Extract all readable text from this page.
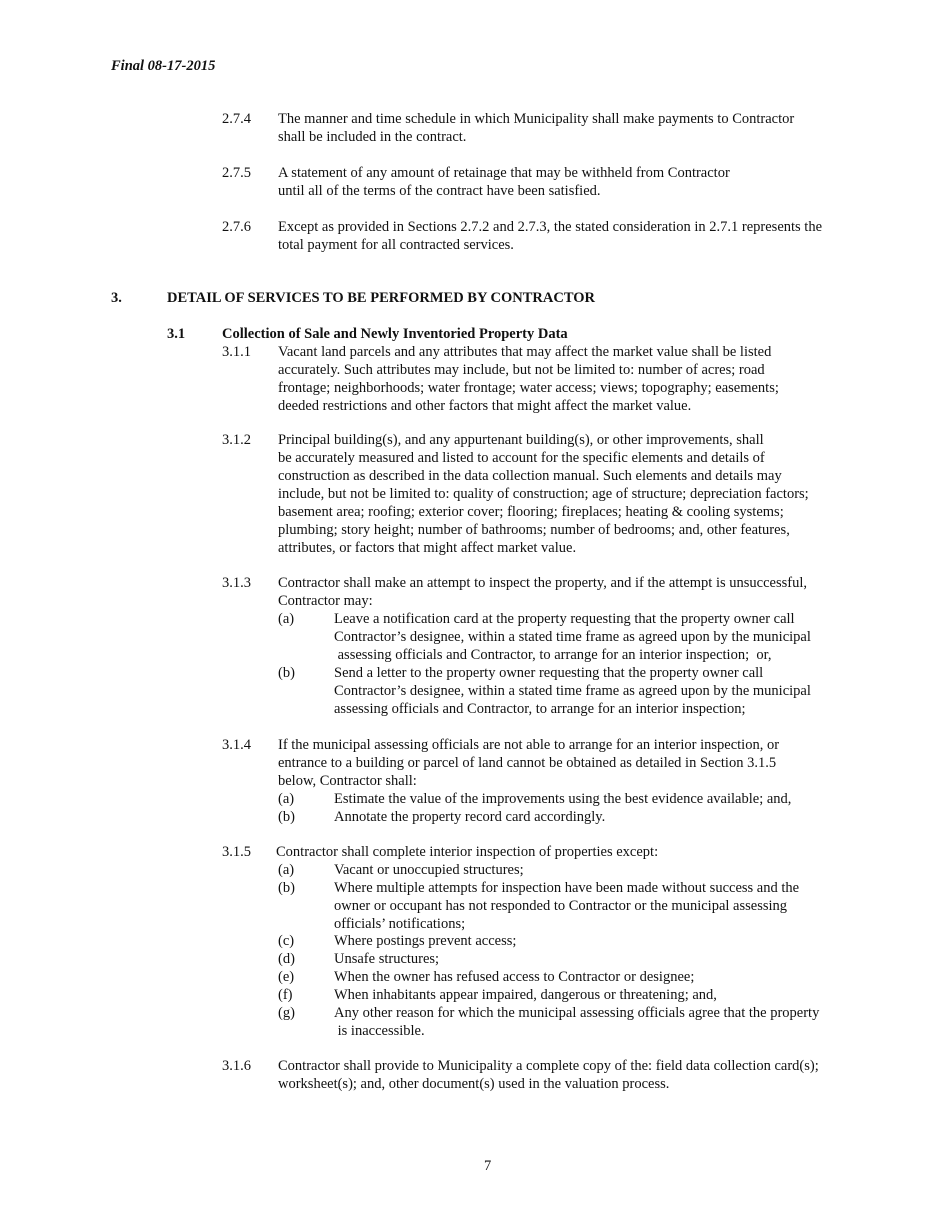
Final 08-17-2015
2.7.4 The manner and time schedule in which Municipality shall make payments to Contractor
shall be included in the contract.
2.7.5 A statement of any amount of retainage that may be withheld from Contractor
until all of the terms of the contract have been satisfied.
2.7.6 Except as provided in Sections 2.7.2 and 2.7.3, the stated consideration in 2.7.1 represents the
total payment for all contracted services.
3.	DETAIL OF SERVICES TO BE PERFORMED BY CONTRACTOR
3.1	Collection of Sale and Newly Inventoried Property Data
3.1.1 Vacant land parcels and any attributes that may affect the market value shall be listed
accurately. Such attributes may include, but not be limited to: number of acres; road
frontage; neighborhoods; water frontage; water access; views; topography; easements;
deeded restrictions and other factors that might affect the market value.
3.1.2 Principal building(s), and any appurtenant building(s), or other improvements, shall
be accurately measured and listed to account for the specific elements and details of
construction as described in the data collection manual. Such elements and details may
include, but not be limited to: quality of construction; age of structure; depreciation factors;
basement area; roofing; exterior cover; flooring; fireplaces; heating & cooling systems;
plumbing; story height; number of bathrooms; number of bedrooms; and, other features,
attributes, or factors that might affect market value.
3.1.3 Contractor shall make an attempt to inspect the property, and if the attempt is unsuccessful,
Contractor may:
(a)	Leave a notification card at the property requesting that the property owner call
Contractor’s designee, within a stated time frame as agreed upon by the municipal
assessing officials and Contractor, to arrange for an interior inspection;  or,
(b)	Send a letter to the property owner requesting that the property owner call
Contractor’s designee, within a stated time frame as agreed upon by the municipal
assessing officials and Contractor, to arrange for an interior inspection;
3.1.4 If the municipal assessing officials are not able to arrange for an interior inspection, or
entrance to a building or parcel of land cannot be obtained as detailed in Section 3.1.5
below, Contractor shall:
(a)	Estimate the value of the improvements using the best evidence available; and,
(b)	Annotate the property record card accordingly.
3.1.5 Contractor shall complete interior inspection of properties except:
(a)	Vacant or unoccupied structures;
(b)	Where multiple attempts for inspection have been made without success and the
owner or occupant has not responded to Contractor or the municipal assessing
officials’ notifications;
(c)	Where postings prevent access;
(d)	Unsafe structures;
(e)	When the owner has refused access to Contractor or designee;
(f)	When inhabitants appear impaired, dangerous or threatening; and,
(g)	Any other reason for which the municipal assessing officials agree that the property
is inaccessible.
3.1.6 Contractor shall provide to Municipality a complete copy of the: field data collection card(s);
worksheet(s); and, other document(s) used in the valuation process.
7
